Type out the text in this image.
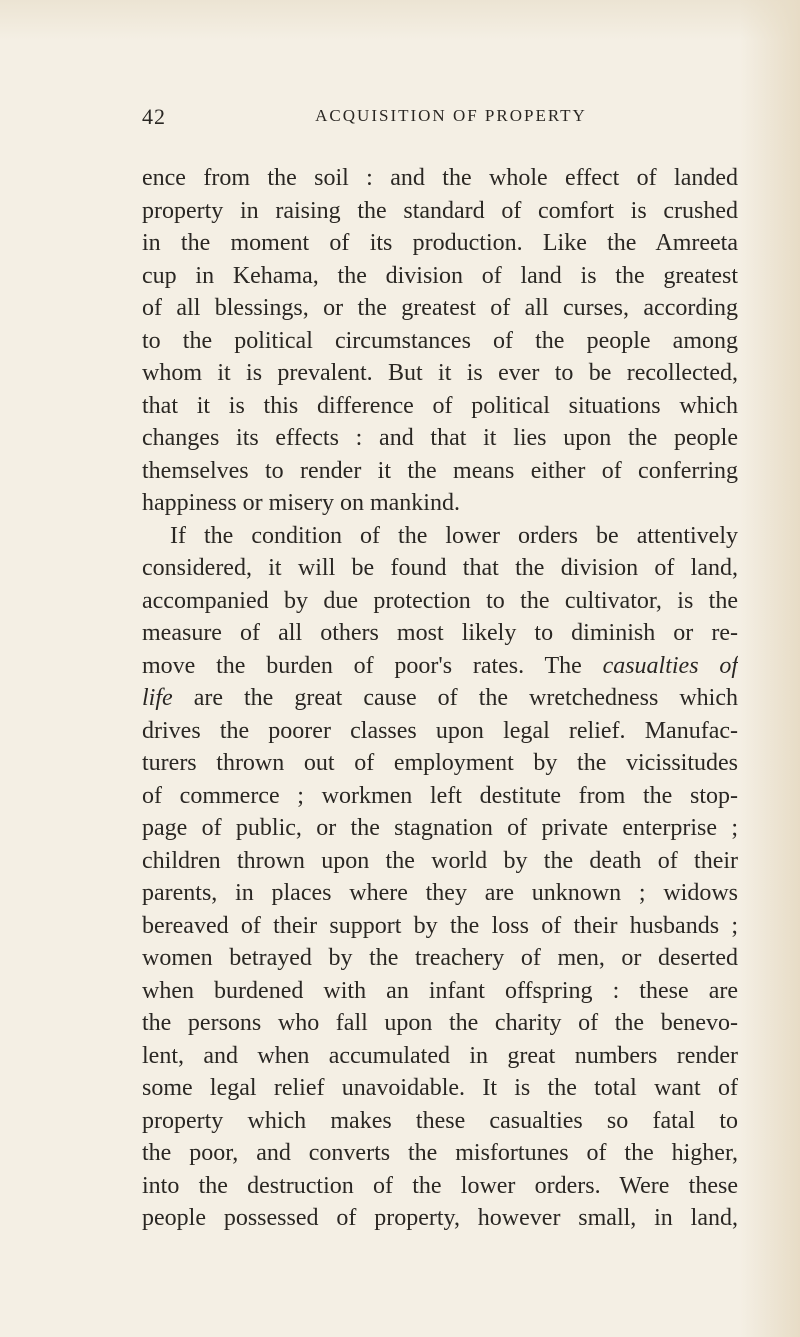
42	ACQUISITION OF PROPERTY
ence from the soil : and the whole effect of landed
property in raising the standard of comfort is crushed
in the moment of its production. Like the Amreeta
cup in Kehama, the division of land is the greatest
of all blessings, or the greatest of all curses, according
to the political circumstances of the people among
whom it is prevalent. But it is ever to be recollected,
that it is this difference of political situations which
changes its effects : and that it lies upon the people
themselves to render it the means either of conferring
happiness or misery on mankind.
If the condition of the lower orders be attentively
considered, it will be found that the division of land,
accompanied by due protection to the cultivator, is the
measure of all others most likely to diminish or re-
move the burden of poor's rates. The casualties of
life are the great cause of the wretchedness which
drives the poorer classes upon legal relief. Manufac-
turers thrown out of employment by the vicissitudes
of commerce ; workmen left destitute from the stop-
page of public, or the stagnation of private enterprise ;
children thrown upon the world by the death of their
parents, in places where they are unknown ; widows
bereaved of their support by the loss of their husbands ;
women betrayed by the treachery of men, or deserted
when burdened with an infant offspring : these are
the persons who fall upon the charity of the benevo-
lent, and when accumulated in great numbers render
some legal relief unavoidable. It is the total want of
property which makes these casualties so fatal to
the poor, and converts the misfortunes of the higher,
into the destruction of the lower orders. Were these
people possessed of property, however small, in land,
